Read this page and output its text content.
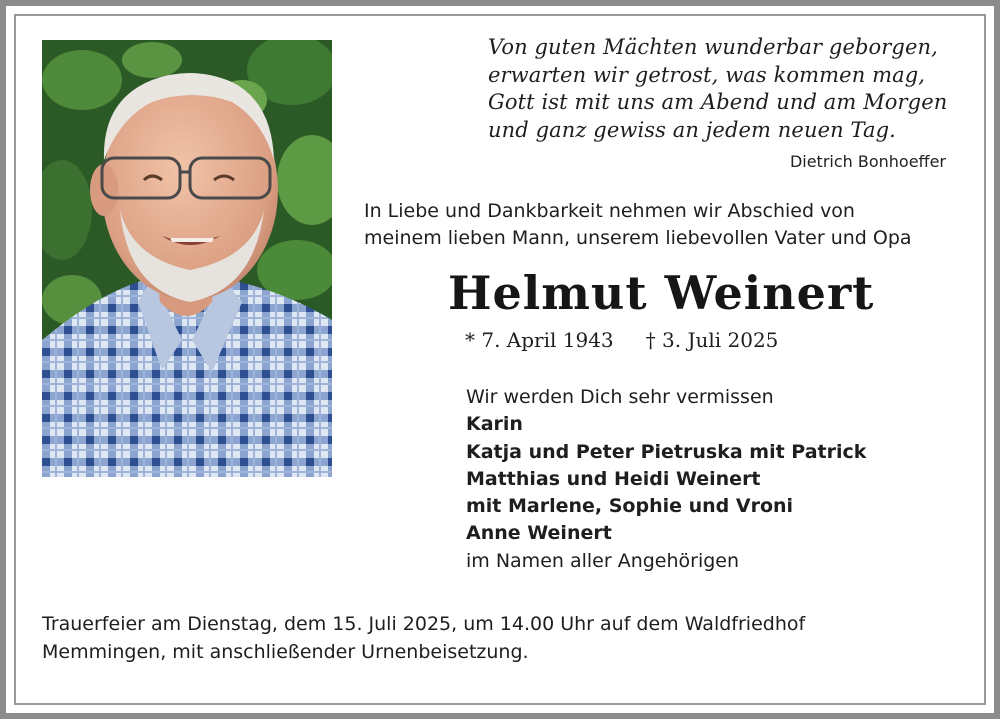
Von guten Mächten wunderbar geborgen,
erwarten wir getrost, was kommen mag,
Gott ist mit uns am Abend und am Morgen
und ganz gewiss an jedem neuen Tag.
Dietrich Bonhoeffer
In Liebe und Dankbarkeit nehmen wir Abschied von
meinem lieben Mann, unserem liebevollen Vater und Opa
Helmut Weinert
* 7. April 1943 † 3. Juli 2025
Wir werden Dich sehr vermissen
Karin
Katja und Peter Pietruska mit Patrick
Matthias und Heidi Weinert
mit Marlene, Sophie und Vroni
Anne Weinert
im Namen aller Angehörigen
Trauerfeier am Dienstag, dem 15. Juli 2025, um 14.00 Uhr auf dem Waldfriedhof
Memmingen, mit anschließender Urnenbeisetzung.
